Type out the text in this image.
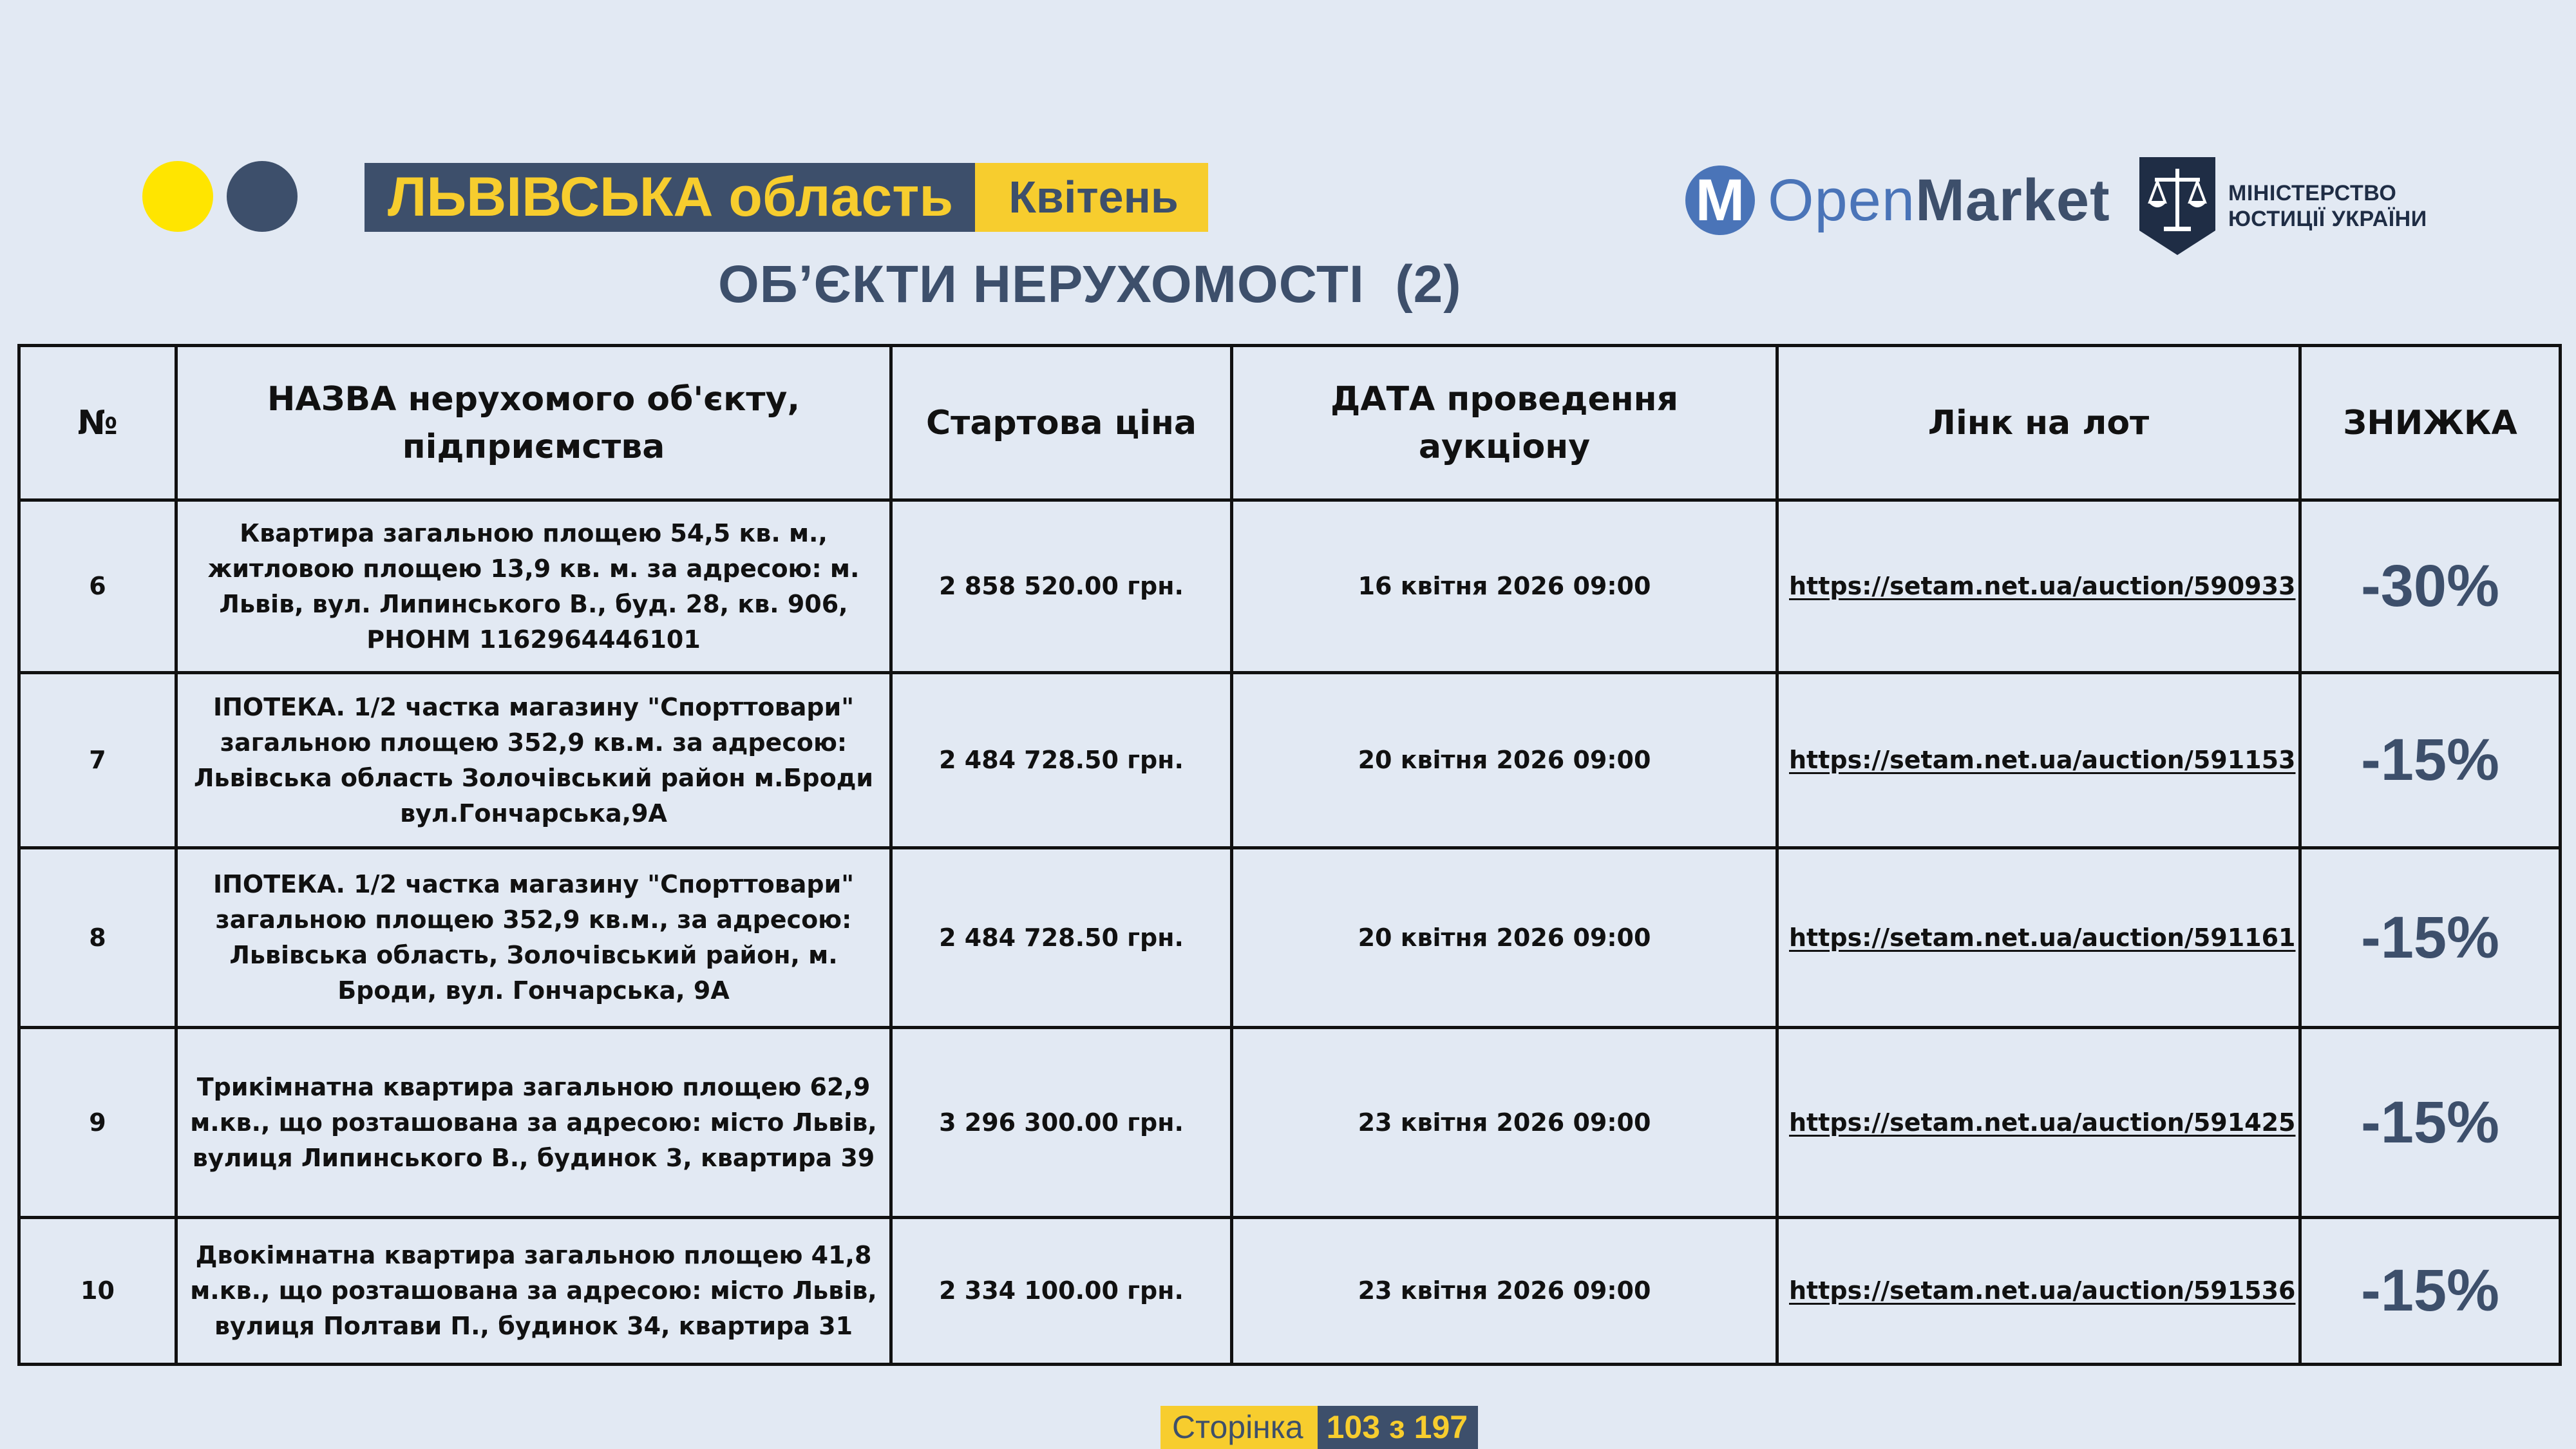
ЛЬВІВСЬКА область	Квітень	M OpenMarket	МІНІСТЕРСТВО
ЮСТИЦІЇ УКРАЇНИ
ОБ’ЄКТИ НЕРУХОМОСТІ  (2)
№	НАЗВА нерухомого об'єкту, підприємства	Стартова ціна	ДАТА проведення аукціону	Лінк на лот	ЗНИЖКА
6	Квартира загальною площею 54,5 кв. м., житловою площею 13,9 кв. м. за адресою: м. Львів, вул. Липинського В., буд. 28, кв. 906, РНОНМ 1162964446101	2 858 520.00 грн.	16 квітня 2026 09:00	https://setam.net.ua/auction/590933	-30%
7	ІПОТЕКА. 1/2 частка магазину "Спорттовари" загальною площею 352,9 кв.м. за адресою: Львівська область Золочівський район м.Броди вул.Гончарська,9А	2 484 728.50 грн.	20 квітня 2026 09:00	https://setam.net.ua/auction/591153	-15%
8	ІПОТЕКА. 1/2 частка магазину "Спорттовари" загальною площею 352,9 кв.м., за адресою: Львівська область, Золочівський район, м. Броди, вул. Гончарська, 9А	2 484 728.50 грн.	20 квітня 2026 09:00	https://setam.net.ua/auction/591161	-15%
9	Трикімнатна квартира загальною площею 62,9 м.кв., що розташована за адресою: місто Львів, вулиця Липинського В., будинок 3, квартира 39	3 296 300.00 грн.	23 квітня 2026 09:00	https://setam.net.ua/auction/591425	-15%
10	Двокімнатна квартира загальною площею 41,8 м.кв., що розташована за адресою: місто Львів, вулиця Полтави П., будинок 34, квартира 31	2 334 100.00 грн.	23 квітня 2026 09:00	https://setam.net.ua/auction/591536	-15%
Сторінка 103 з 197
